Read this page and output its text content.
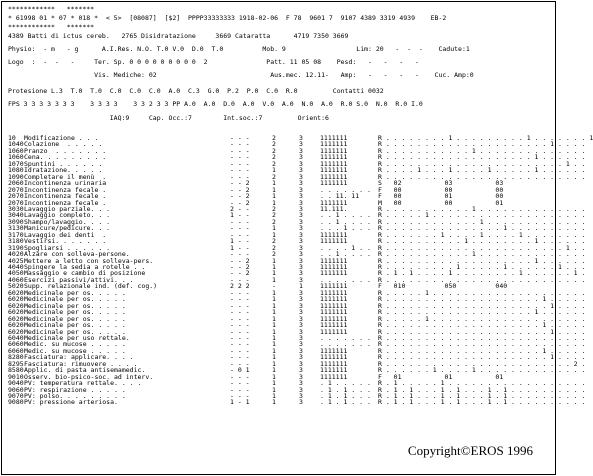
************   *******
* 61998 01 * 07 * 018 *  < 5>  [08087]  [$2]  PPPP33333333 1918-02-06  F 78  9601 7  9107 4389 3319 4939    EB-2
************   *******
4389 Batti di ictus cereb.   2765 Disidratazione     3669 Cataratta      4719 7350 3669
Physio:  - m   - g      A.I.Res. N.O. T.0 V.0  D.0  T.0          Mob. 9                  Lim: 20   -  -  -    Cadute:1
Logo  :  -  -   -     Ter. Sp. 0 0 0 0 0 0 0 0 0  2               Patt. 11 05 08    Pesd:   -   -   -   -
Vis. Mediche: 02                             Aus.mec. 12.11-   Amp:   -   -   -   -    Cuc. Amp:0
Protesione L.3  T.0  T.0  C.0  C.0  C.0  A.0  C.3  G.0  P.2  P.0  C.0  R.0         Contatti 0032
FPS 3 3 3 3 3 3 3    3 3 3 3    3 3 2 3 3 PP A.0  A.0  D.0  A.0  V.0  A.0  N.0  A.0  R.0 S.0  N.0  R.0 I.0
IAQ:9     Cap. Occ.:7        Int.soc.:7         Orient:6
10 Modificazione . . .	- - -	2	3	1111111	R . . . . . . . . 1 . . . . . . . . . 1 . . . . . . . 1
1040 Colazione  . . . . .	- - -	2	3	1111111	R . . . . . . . . . . . . . . . . . . . . . 1 . . . .
1060 Pranzo  . . . . . . .	- - -	2	3	1111111	R . . . . . . . . . . . 1 . . . . . . . . . . . . . .
1060 Cena. . . . . . . . .	- - -	2	3	1111111	R . . . . . . . . . . . . . . . . . . . 1 . . . . . .
1070 Spuntini . . . . . .	- - -	2	3	1111111	R . . . . . . . . . . . . . . . . . . . . . . . 1 . .
1080 Idratazione. . . . .	- - -	1	3	1111111	R . . . . 1 . . . 1 . . . . 1 . . . . . 1 . . . . . .
1090 Completare il menù  .	- - -	2	3	1111111	R . . . . . . . . . . . . . . . . . . . . . . . . . .
2060 Incontinenza urinaria	- - 2	1	3	1111111	S   02           03           03
2070 Incontinenza fecale .	- - 2	1	3	. . . . . . . F   00           00           00
2070 Incontinenza fecale .	- - 2	1	3	. . 11. 11	F   00           01           00
2070 Incontinenza fecale .	- - 2	1	3	1111111	M   00           00           01
3030 Lavaggio parziale. . .	2 - -	2	3	11.111.	R . . . . . . . . . . . 1 . . . . . . . . . . . . . .
3040 Lavaggio completo. . .	1 - -	2	3	. . 1 . . . . R . . . . . 1 . . . . . . . . . . . . . . . . . . . .
3090 Shampo/lavaggio. . . .	- - -	2	3	. . 1 . . . . R . . . . . . . . . . . . 1 . . . . . . . . . . . . .
3130 Manicure/pedicure. . .	- - -	1	3	. . . 1 . . . R . . . . . . . . . . . . . . . 1 . . . . . . . . . .
3170 Lavaggio dei denti  .	- - -	1	3	1111111	R . . . . . . . 1 . . . . 1 . . . . 1 . . . . . . . .
3180 Vestirsi. . . . . . .	1 - -	2	3	1111111	R . . . . . . . . . . 1 . . . . . . . . 1 . . . . . .
3190 Spogliarsi . . . . . .	1 - -	2	3	. . . . 1 . . R . . . . . . . . . . . . . . . . . . . . . . . 1 . .
4020 Alzare con solleva-persone.	- - -	2	3	. . 1 . . . . R . . . . . . . . . . . 1 . . . . . . . . . . . . . .
4025 Mettere a letto con solleva-pers.	- - 2	1	3	1111111	R . . . . . . . . . . . . . . . . . . . 1 . . . . . .
4040 Spingere la sedia a rotelle . .	- - 2	1	3	1111111	R . . . . . . . . . 1 . . . . . 1 . . . . . . 1 . . .
4050 Massaggio e cambio di posizione	- - 2	1	3	1111111	R . 1 . 1 . . . . 1 . . . . . . . . 1 . . . . . . 1 .
4060 Esercizi passivi/attivi. . .	- - -	1	3	. . . . . . . R . . . . . . . . . . . . . . . . . . . . . . . . . .
5020 Supp. relazionale ind. (def. cog.)	2 2 2	-	1	1111111	F   010          050          040
6020 Medicinale per os. . . . .	- - -	1	3	1111111	R . . . . . 1 . . . . . . . . . . . . . . . . . . . .
6020 Medicinale per os. . . . .	- - -	1	3	1111111	R . . . . . . . . . . . . . . . . . . . . 1 . . . . .
6020 Medicinale per os. . . . .	- - -	1	3	1111111	R . . . . . . . . . . . . . . . . . . . . . 1 . . . .
6020 Medicinale per os. . . . .	- - -	1	3	1111111	R . . . . . . . . . . . . . . . . . . . 1 . . . . . .
6020 Medicinale per os. . . . .	- - -	1	3	1111111	R . . . . . 1 . . . . . . . . . . . . . . . . . . . .
6020 Medicinale per os. . . . .	- - -	1	3	1111111	R . . . . . . . . . . . . . . . . . . . . 1 . . . . .
6020 Medicinale per os. . . . .	- - -	1	3	1111111	R . . . . . . . . . . . . . . . . . . . . . 1 . . . .
6040 Medicinale per uso rettale.	- - -	1	3	. . . . . . . R . . . . . . . . . . . . . . . . . . . . . . . . . .
6060 Medic. su mucose . . . . .	- - -	1	3	. . . . . . . R . . . . . . . . . . . . . . . . . . . . . . . . . .
6060 Medic. su mucose . . . . .	- - -	1	3	1111111	R . . . . . . . . . . . . . . . . . . . . 1 . . . . .
8280 Fasciatura: applicare. . . .	- - -	1	3	1111111	R . . . . . . . . . . . . . . . . . . . . . 1 . . . .
8295 Fasciatura: rimuovere . . . .	- - -	1	3	1111111	R . . . . . . . . . . . . . . . . . . . . . . . . 2 .
8580 Applic. di pasta antisemamedic.	- 0 1	1	3	1111111	R . . . . . . 1 . . . . 1 . . . . . . . . . . . . . .
9010 Osserv. bio-psico-soc. ad interv.	- - -	1	3	1111111	F   01           01           01
9040 PV: temperatura rettale. . . .	- - -	1	3	. 1 . . . . . R . 1 . . . . . 1 . . . . . . . . . . . . . . . . . .
9060 PV: respirazione . . . . .	- - -	1	3	. 1 . 1 . . . R . 1 . 1 . . . 1 . 1 . . . 1 . 1 . . . . . . . . . .
9070 PV: polso. . . . . . . . .	- - -	1	3	. 1 . 1 . . . R . 1 . 1 . . . 1 . 1 . . . 1 . 1 . . . . . . . . . .
9080 PV: pressione arteriosa.	1 - 1	1	3	. 1 . 1 . . . R . 1 . 1 . . . 1 . 1 . . . 1 . 1 . . . . . . . . . .
Copyright©EROS 1996
